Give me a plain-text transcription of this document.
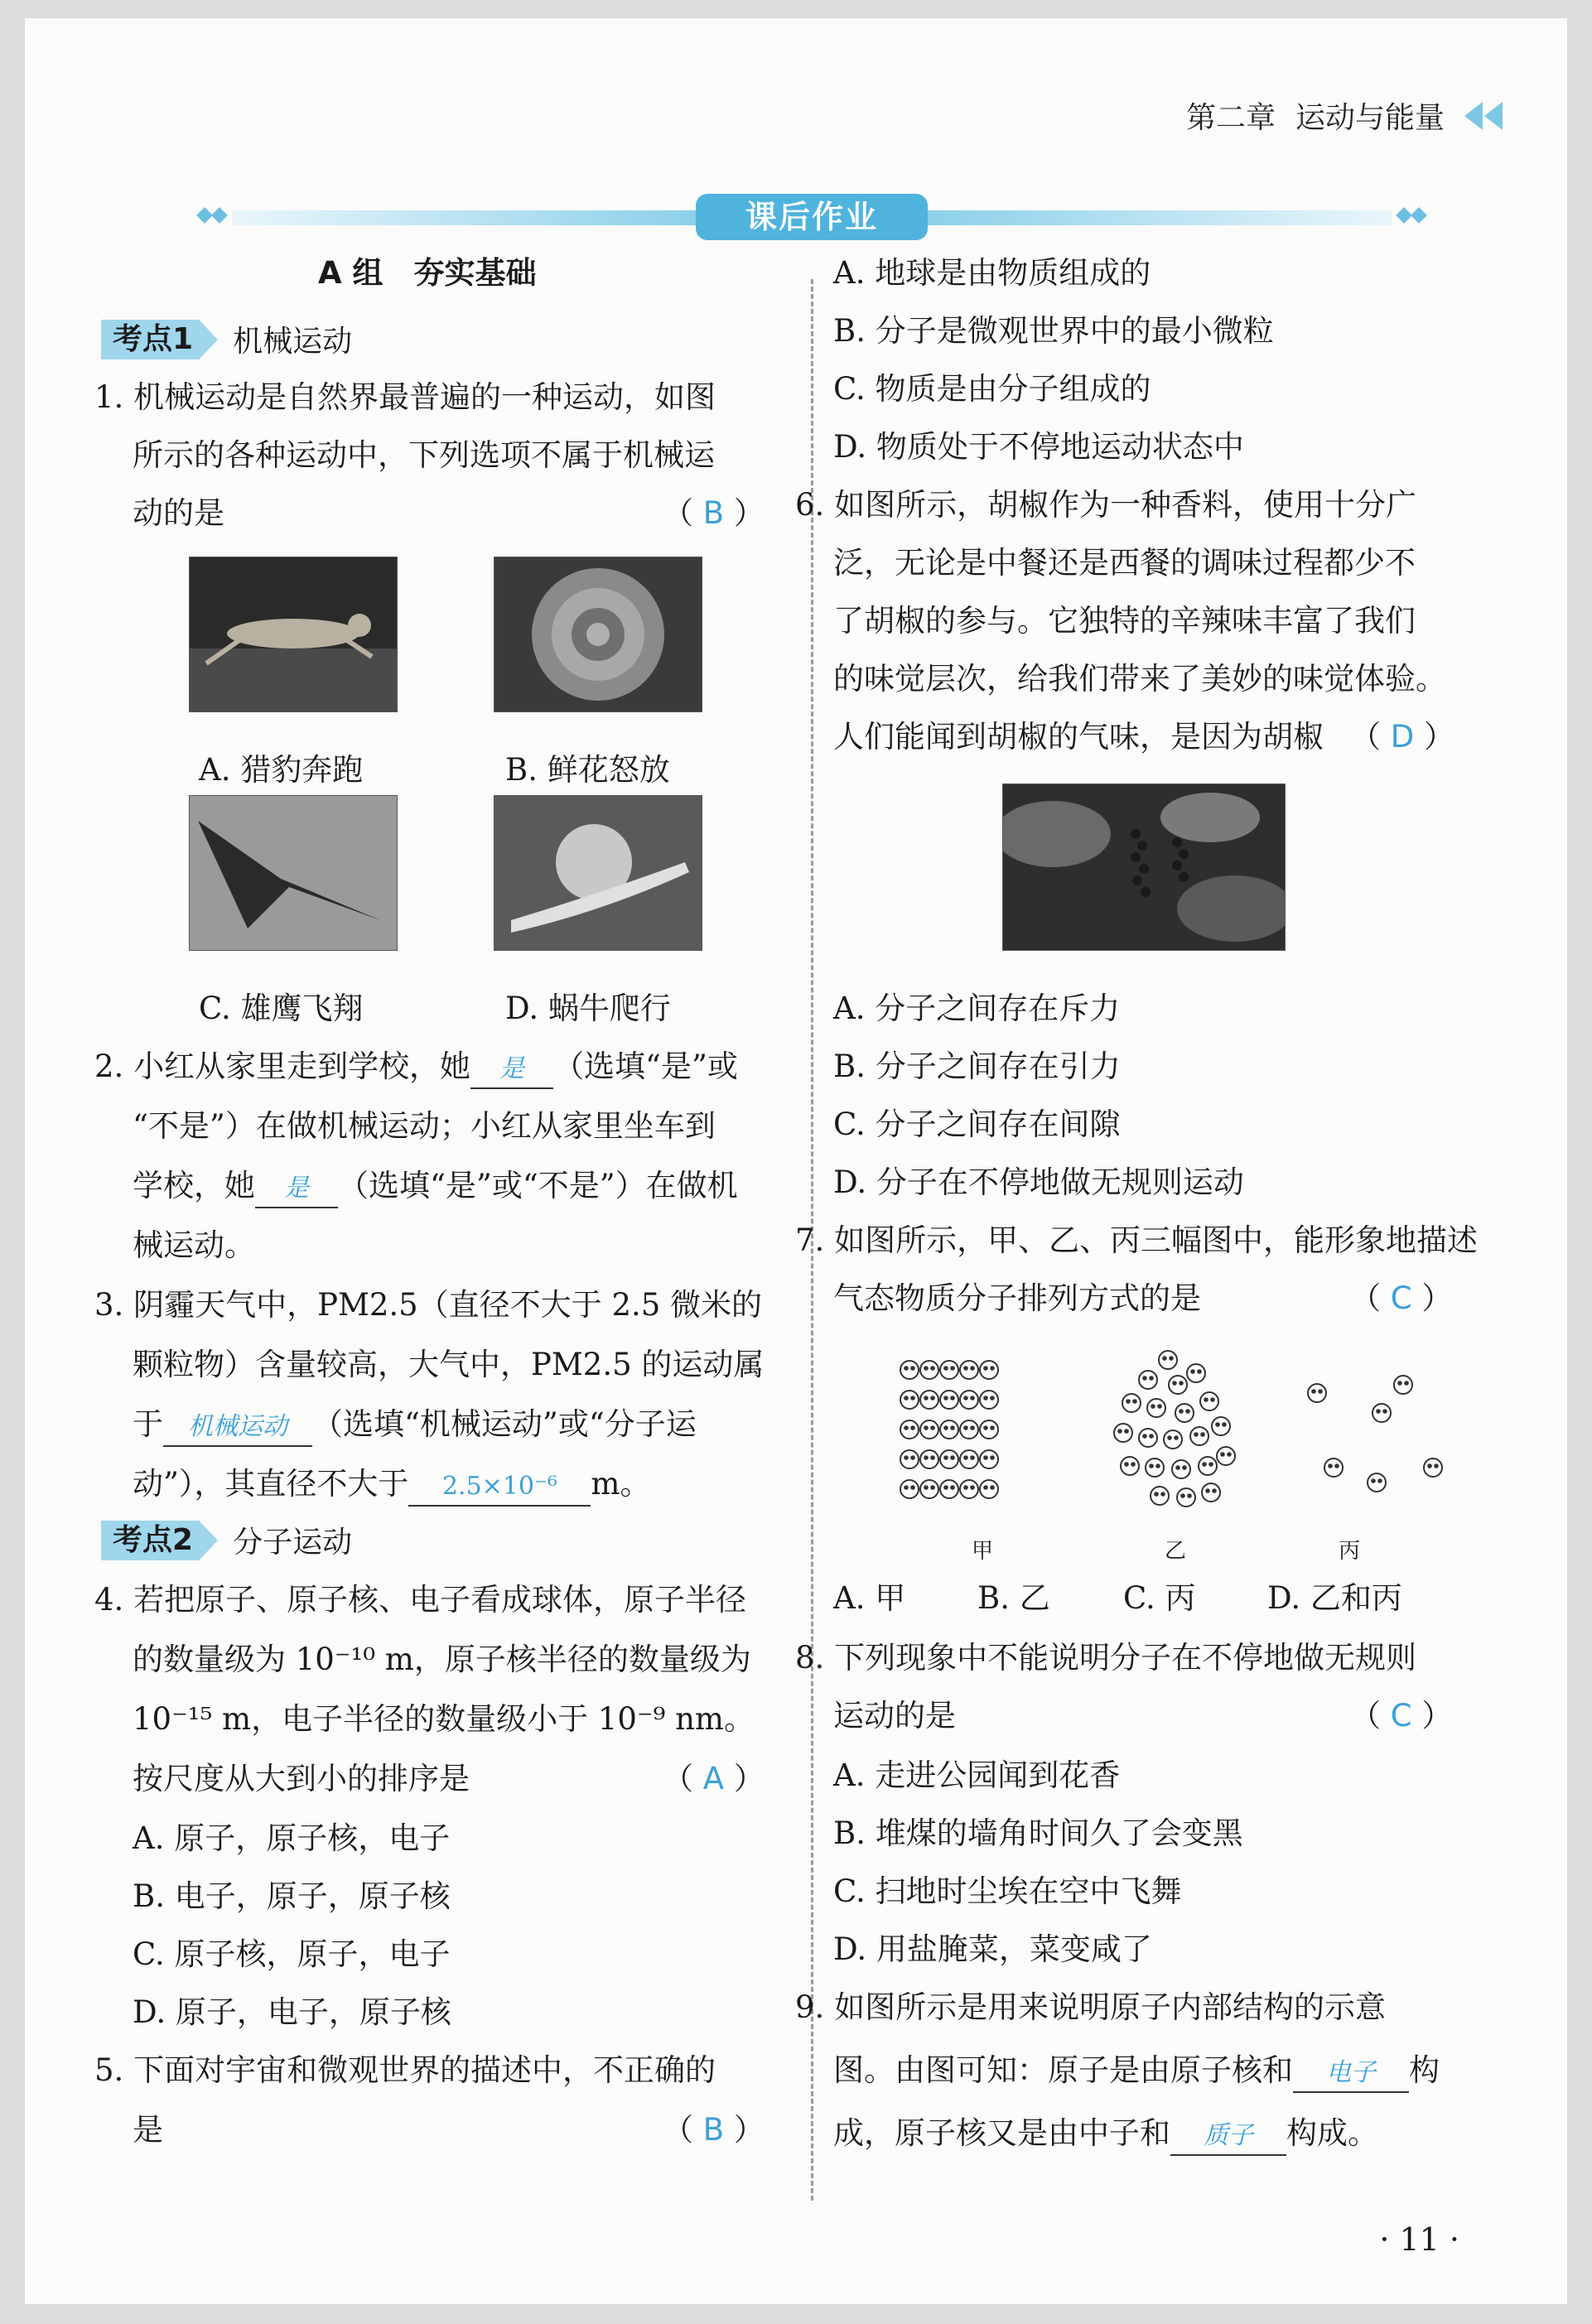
第二章 运动与能量
课后作业
A 组　夯实基础
考点1 机械运动
1. 机械运动是自然界最普遍的一种运动，如图
所示的各种运动中，下列选项不属于机械运
动的是	（ B ）
A. 猎豹奔跑	B. 鲜花怒放
C. 雄鹰飞翔	D. 蜗牛爬行
2. 小红从家里走到学校，她 是 （选填“是”或
“不是”）在做机械运动；小红从家里坐车到
学校，她 是 （选填“是”或“不是”）在做机
械运动。
3. 阴霾天气中，PM2.5（直径不大于 2.5 微米的
颗粒物）含量较高，大气中，PM2.5 的运动属
于 机械运动 （选填“机械运动”或“分子运
动”），其直径不大于 2.5×10⁻⁶ m。
考点2 分子运动
4. 若把原子、原子核、电子看成球体，原子半径
的数量级为 10⁻¹⁰ m，原子核半径的数量级为
10⁻¹⁵ m，电子半径的数量级小于 10⁻⁹ nm。
按尺度从大到小的排序是	（ A ）
A. 原子，原子核，电子
B. 电子，原子，原子核
C. 原子核，原子，电子
D. 原子，电子，原子核
5. 下面对宇宙和微观世界的描述中，不正确的
是	（ B ）
A. 地球是由物质组成的
B. 分子是微观世界中的最小微粒
C. 物质是由分子组成的
D. 物质处于不停地运动状态中
6. 如图所示，胡椒作为一种香料，使用十分广
泛，无论是中餐还是西餐的调味过程都少不
了胡椒的参与。它独特的辛辣味丰富了我们
的味觉层次，给我们带来了美妙的味觉体验。
人们能闻到胡椒的气味，是因为胡椒 （ D ）
A. 分子之间存在斥力
B. 分子之间存在引力
C. 分子之间存在间隙
D. 分子在不停地做无规则运动
7. 如图所示，甲、乙、丙三幅图中，能形象地描述
气态物质分子排列方式的是	（ C ）
甲	乙	丙
A. 甲 B. 乙 C. 丙 D. 乙和丙
8. 下列现象中不能说明分子在不停地做无规则
运动的是	（ C ）
A. 走进公园闻到花香
B. 堆煤的墙角时间久了会变黑
C. 扫地时尘埃在空中飞舞
D. 用盐腌菜，菜变咸了
9. 如图所示是用来说明原子内部结构的示意
图。由图可知：原子是由原子核和 电子 构
成，原子核又是由中子和 质子 构成。
· 11 ·
